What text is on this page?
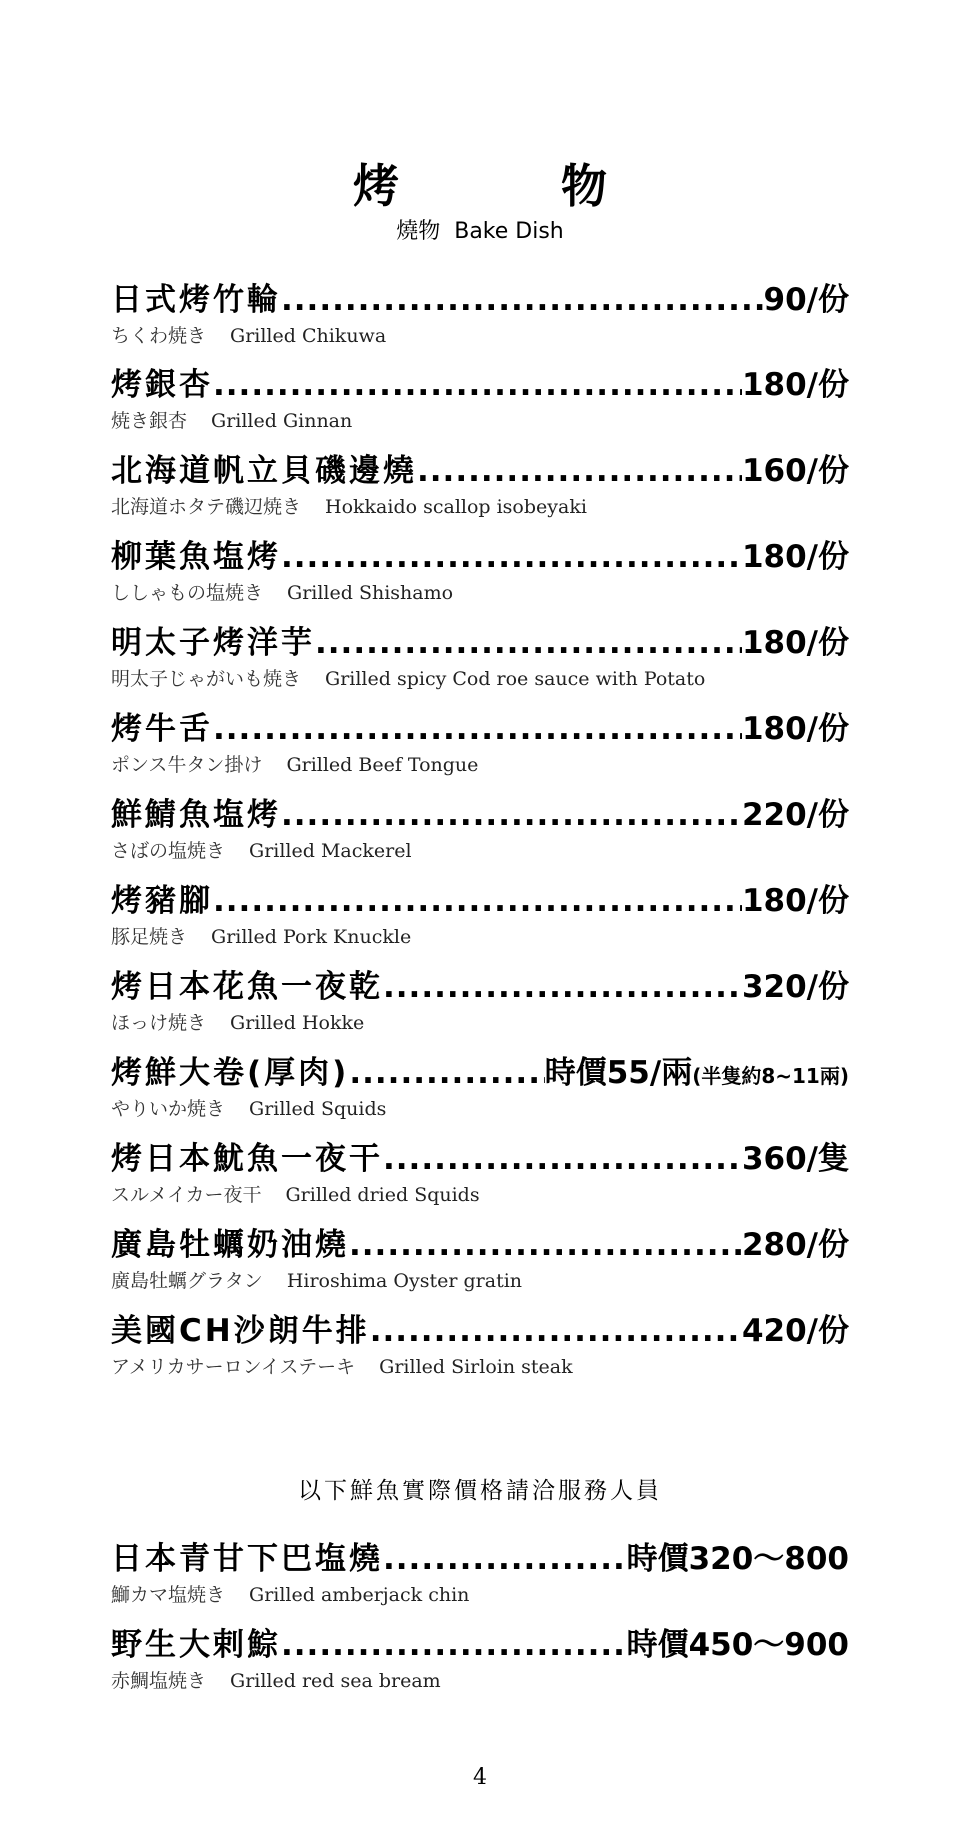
烤　物
燒物 Bake Dish
日式烤竹輪 .....	90/份
ちくわ焼き Grilled Chikuwa
烤銀杏 .....	180/份
焼き銀杏 Grilled Ginnan
北海道帆立貝磯邊燒 .....	160/份
北海道ホタテ磯辺焼き Hokkaido scallop isobeyaki
柳葉魚塩烤 .....	180/份
ししゃもの塩焼き Grilled Shishamo
明太子烤洋芋 .....	180/份
明太子じゃがいも焼き Grilled spicy Cod roe sauce with Potato
烤牛舌 .....	180/份
ポンス牛タン掛け Grilled Beef Tongue
鮮鯖魚塩烤 .....	220/份
さばの塩焼き Grilled Mackerel
烤豬腳 .....	180/份
豚足焼き Grilled Pork Knuckle
烤日本花魚一夜乾 .....	320/份
ほっけ焼き Grilled Hokke
烤鮮大卷(厚肉) .....	時價55/兩(半隻約8~11兩)
やりいか焼き Grilled Squids
烤日本魷魚一夜干 .....	360/隻
スルメイカー夜干 Grilled dried Squids
廣島牡蠣奶油燒 .....	280/份
廣島牡蠣グラタン Hiroshima Oyster gratin
美國CH沙朗牛排 .....	420/份
アメリカサーロンイステーキ Grilled Sirloin steak
以下鮮魚實際價格請洽服務人員
日本青甘下巴塩燒 .....	時價320～800
鰤カマ塩焼き Grilled amberjack chin
野生大剌鯮 .....	時價450～900
赤鯛塩焼き Grilled red sea bream
4
